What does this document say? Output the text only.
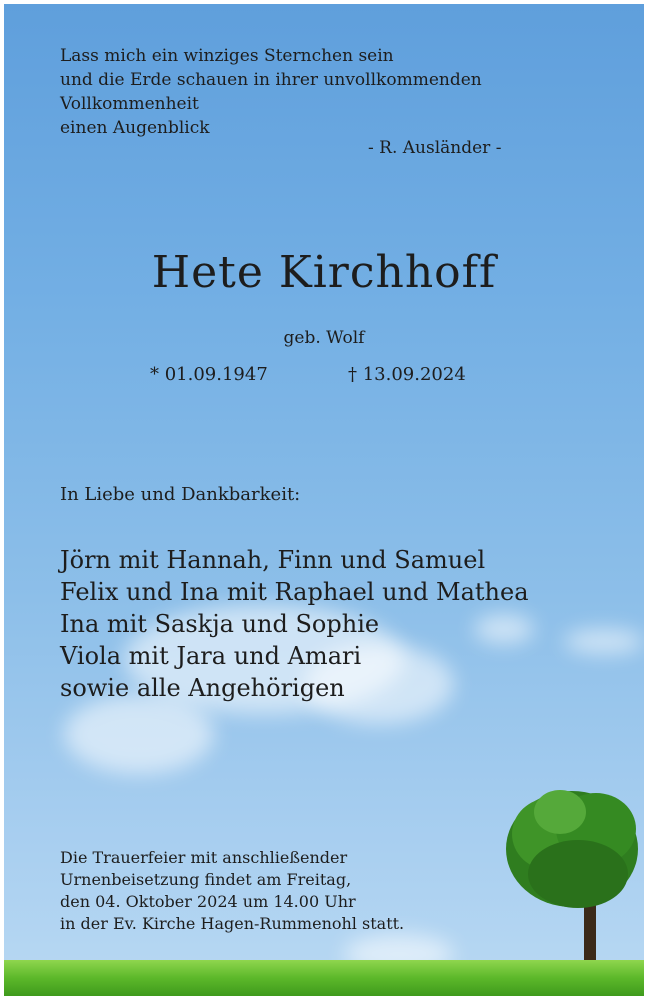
Lass mich ein winziges Sternchen sein
und die Erde schauen in ihrer unvollkommenden
Vollkommenheit
einen Augenblick
- R. Ausländer -
Hete Kirchhoff
geb. Wolf
* 01.09.1947	† 13.09.2024
In Liebe und Dankbarkeit:
Jörn mit Hannah, Finn und Samuel
Felix und Ina mit Raphael und Mathea
Ina mit Saskja und Sophie
Viola mit Jara und Amari
sowie alle Angehörigen
Die Trauerfeier mit anschließender
Urnenbeisetzung findet am Freitag,
den 04. Oktober 2024 um 14.00 Uhr
in der Ev. Kirche Hagen-Rummenohl statt.
